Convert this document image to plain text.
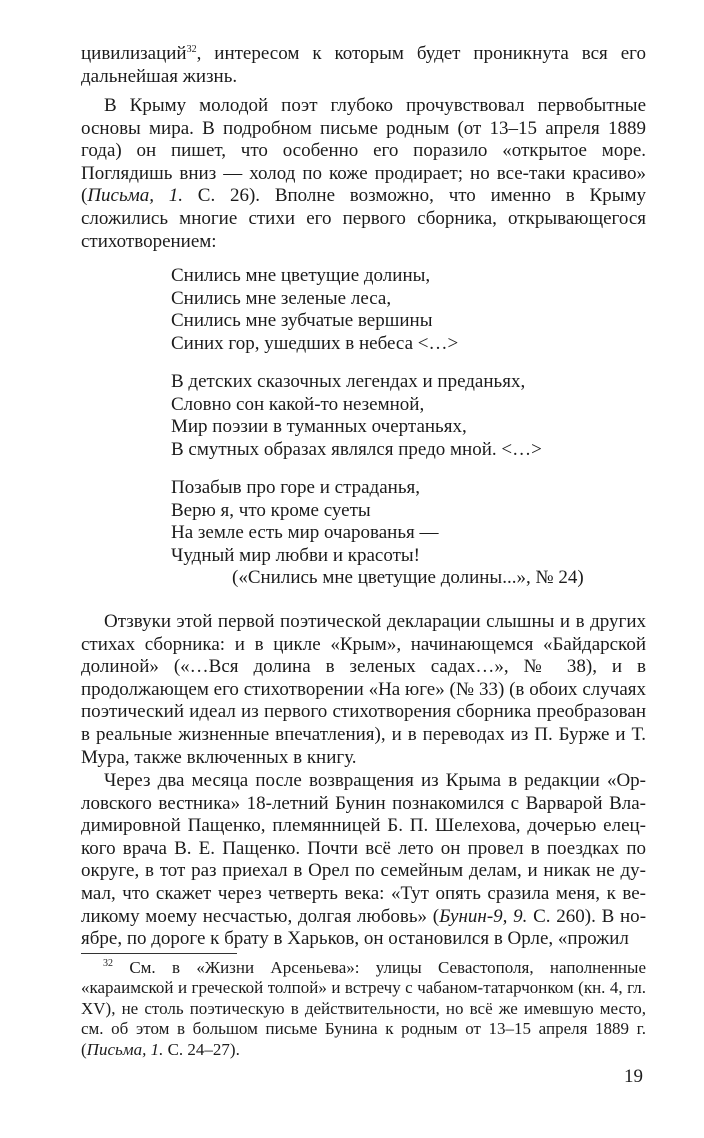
цивилизаций$^{32}$, интересом к которым будет проникнута вся его дальнейшая жизнь.

В Крыму молодой поэт глубоко прочувствовал первобытные основы мира. В подробном письме родным (от 13–15 апреля 1889 года) он пишет, что особенно его поразило «открытое море. Поглядишь вниз — холод по коже продирает; но все-таки красиво» (Письма, 1. С. 26). Вполне возможно, что именно в Крыму сложились многие стихи его первого сборника, открывающегося стихотворением:

Снились мне цветущие долины,
Снились мне зеленые леса,
Снились мне зубчатые вершины
Синих гор, ушедших в небеса <…>
В детских сказочных легендах и преданьях,
Словно сон какой-то неземной,
Мир поэзии в туманных очертаньях,
В смутных образах являлся предо мной. <…>
Позабыв про горе и страданья,
Верю я, что кроме суеты
На земле есть мир очарованья —
Чудный мир любви и красоты!
(«Снились мне цветущие долины...», № 24)

Отзвуки этой первой поэтической декларации слышны и в других стихах сборника: и в цикле «Крым», начинающемся «Байдарской долиной» («…Вся долина в зеленых садах…», № 38), и в продолжающем его стихотворении «На юге» (№ 33) (в обоих случаях поэтический идеал из первого стихотворения сборника преобразован в реальные жизненные впечатления), и в переводах из П. Бурже и Т. Мура, также включенных в книгу.

Через два месяца после возвращения из Крыма в редакции «Орловского вестника» 18-летний Бунин познакомился с Варварой Владимировной Пащенко, племянницей Б. П. Шелехова, дочерью елецкого врача В. Е. Пащенко. Почти всё лето он провел в поездках по округе, в тот раз приехал в Орел по семейным делам, и никак не думал, что скажет через четверть века: «Тут опять сразила меня, к великому моему несчастью, долгая любовь» (Бунин-9, 9. С. 260). В ноябре, по дороге к брату в Харьков, он остановился в Орле, «прожил

$^{32}$ См. в «Жизни Арсеньева»: улицы Севастополя, наполненные «караимской и греческой толпой» и встречу с чабаном-татарчонком (кн. 4, гл. XV), не столь поэтическую в действительности, но всё же имевшую место, см. об этом в большом письме Бунина к родным от 13–15 апреля 1889 г. (Письма, 1. С. 24–27).

19
